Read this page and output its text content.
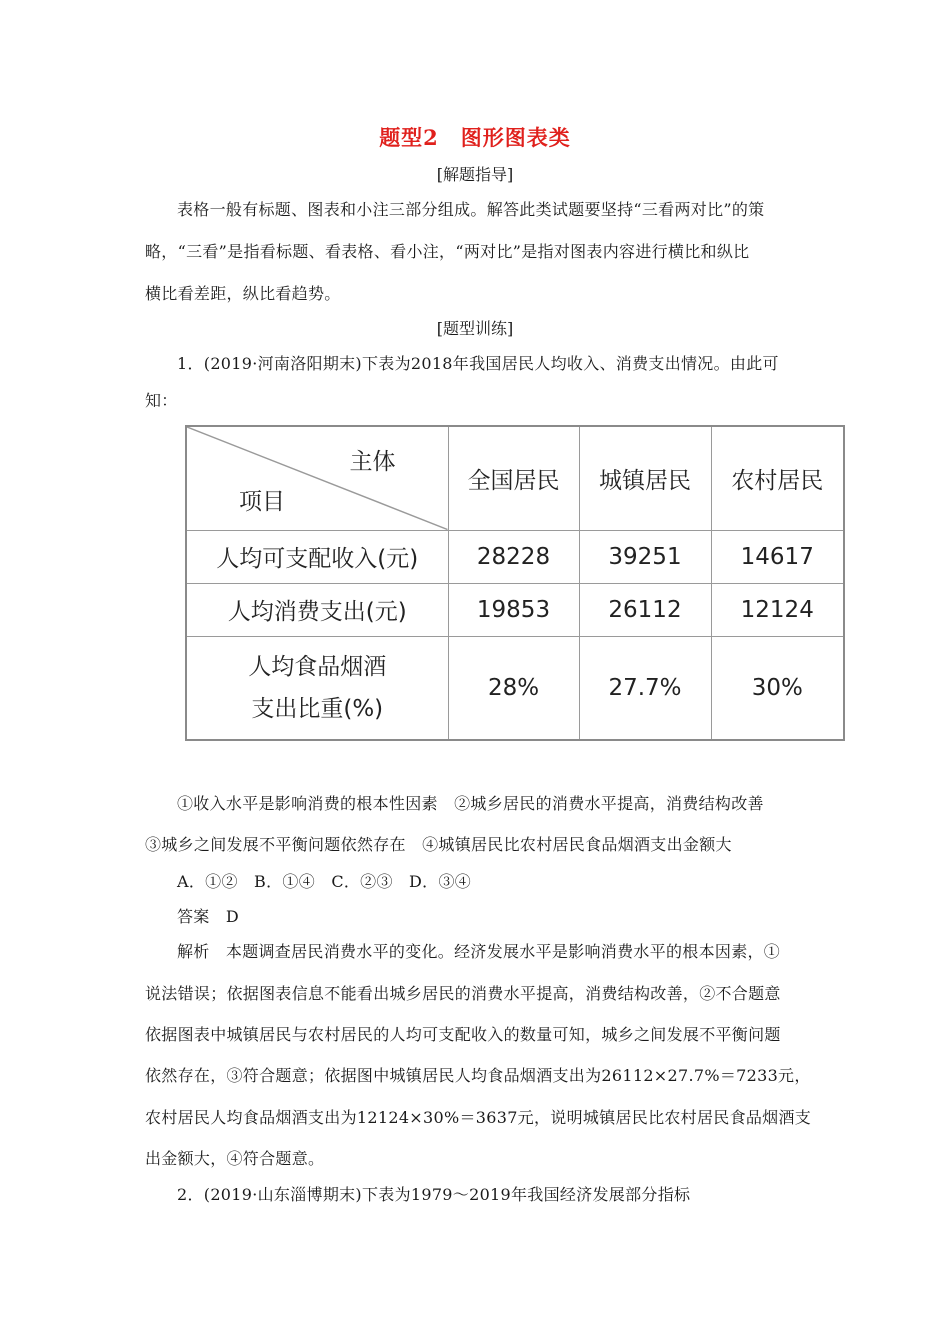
题型2　图形图表类
[解题指导]
表格一般有标题、图表和小注三部分组成。解答此类试题要坚持“三看两对比”的策
略，“三看”是指看标题、看表格、看小注，“两对比”是指对图表内容进行横比和纵比
横比看差距，纵比看趋势。
[题型训练]
1．(2019·河南洛阳期末)下表为2018年我国居民人均收入、消费支出情况。由此可
知：
主体
项目	全国居民	城镇居民	农村居民
人均可支配收入(元)	28228	39251	14617
人均消费支出(元)	19853	26112	12124

人均食品烟酒
支出比重(%)	28%	27.7%	30%
①收入水平是影响消费的根本性因素　②城乡居民的消费水平提高，消费结构改善
③城乡之间发展不平衡问题依然存在　④城镇居民比农村居民食品烟酒支出金额大
A．①②　B．①④　C．②③　D．③④
答案　D
解析　本题调查居民消费水平的变化。经济发展水平是影响消费水平的根本因素，①
说法错误；依据图表信息不能看出城乡居民的消费水平提高，消费结构改善，②不合题意
依据图表中城镇居民与农村居民的人均可支配收入的数量可知，城乡之间发展不平衡问题
依然存在，③符合题意；依据图中城镇居民人均食品烟酒支出为26112×27.7%＝7233元，
农村居民人均食品烟酒支出为12124×30%＝3637元，说明城镇居民比农村居民食品烟酒支
出金额大，④符合题意。
2．(2019·山东淄博期末)下表为1979～2019年我国经济发展部分指标
